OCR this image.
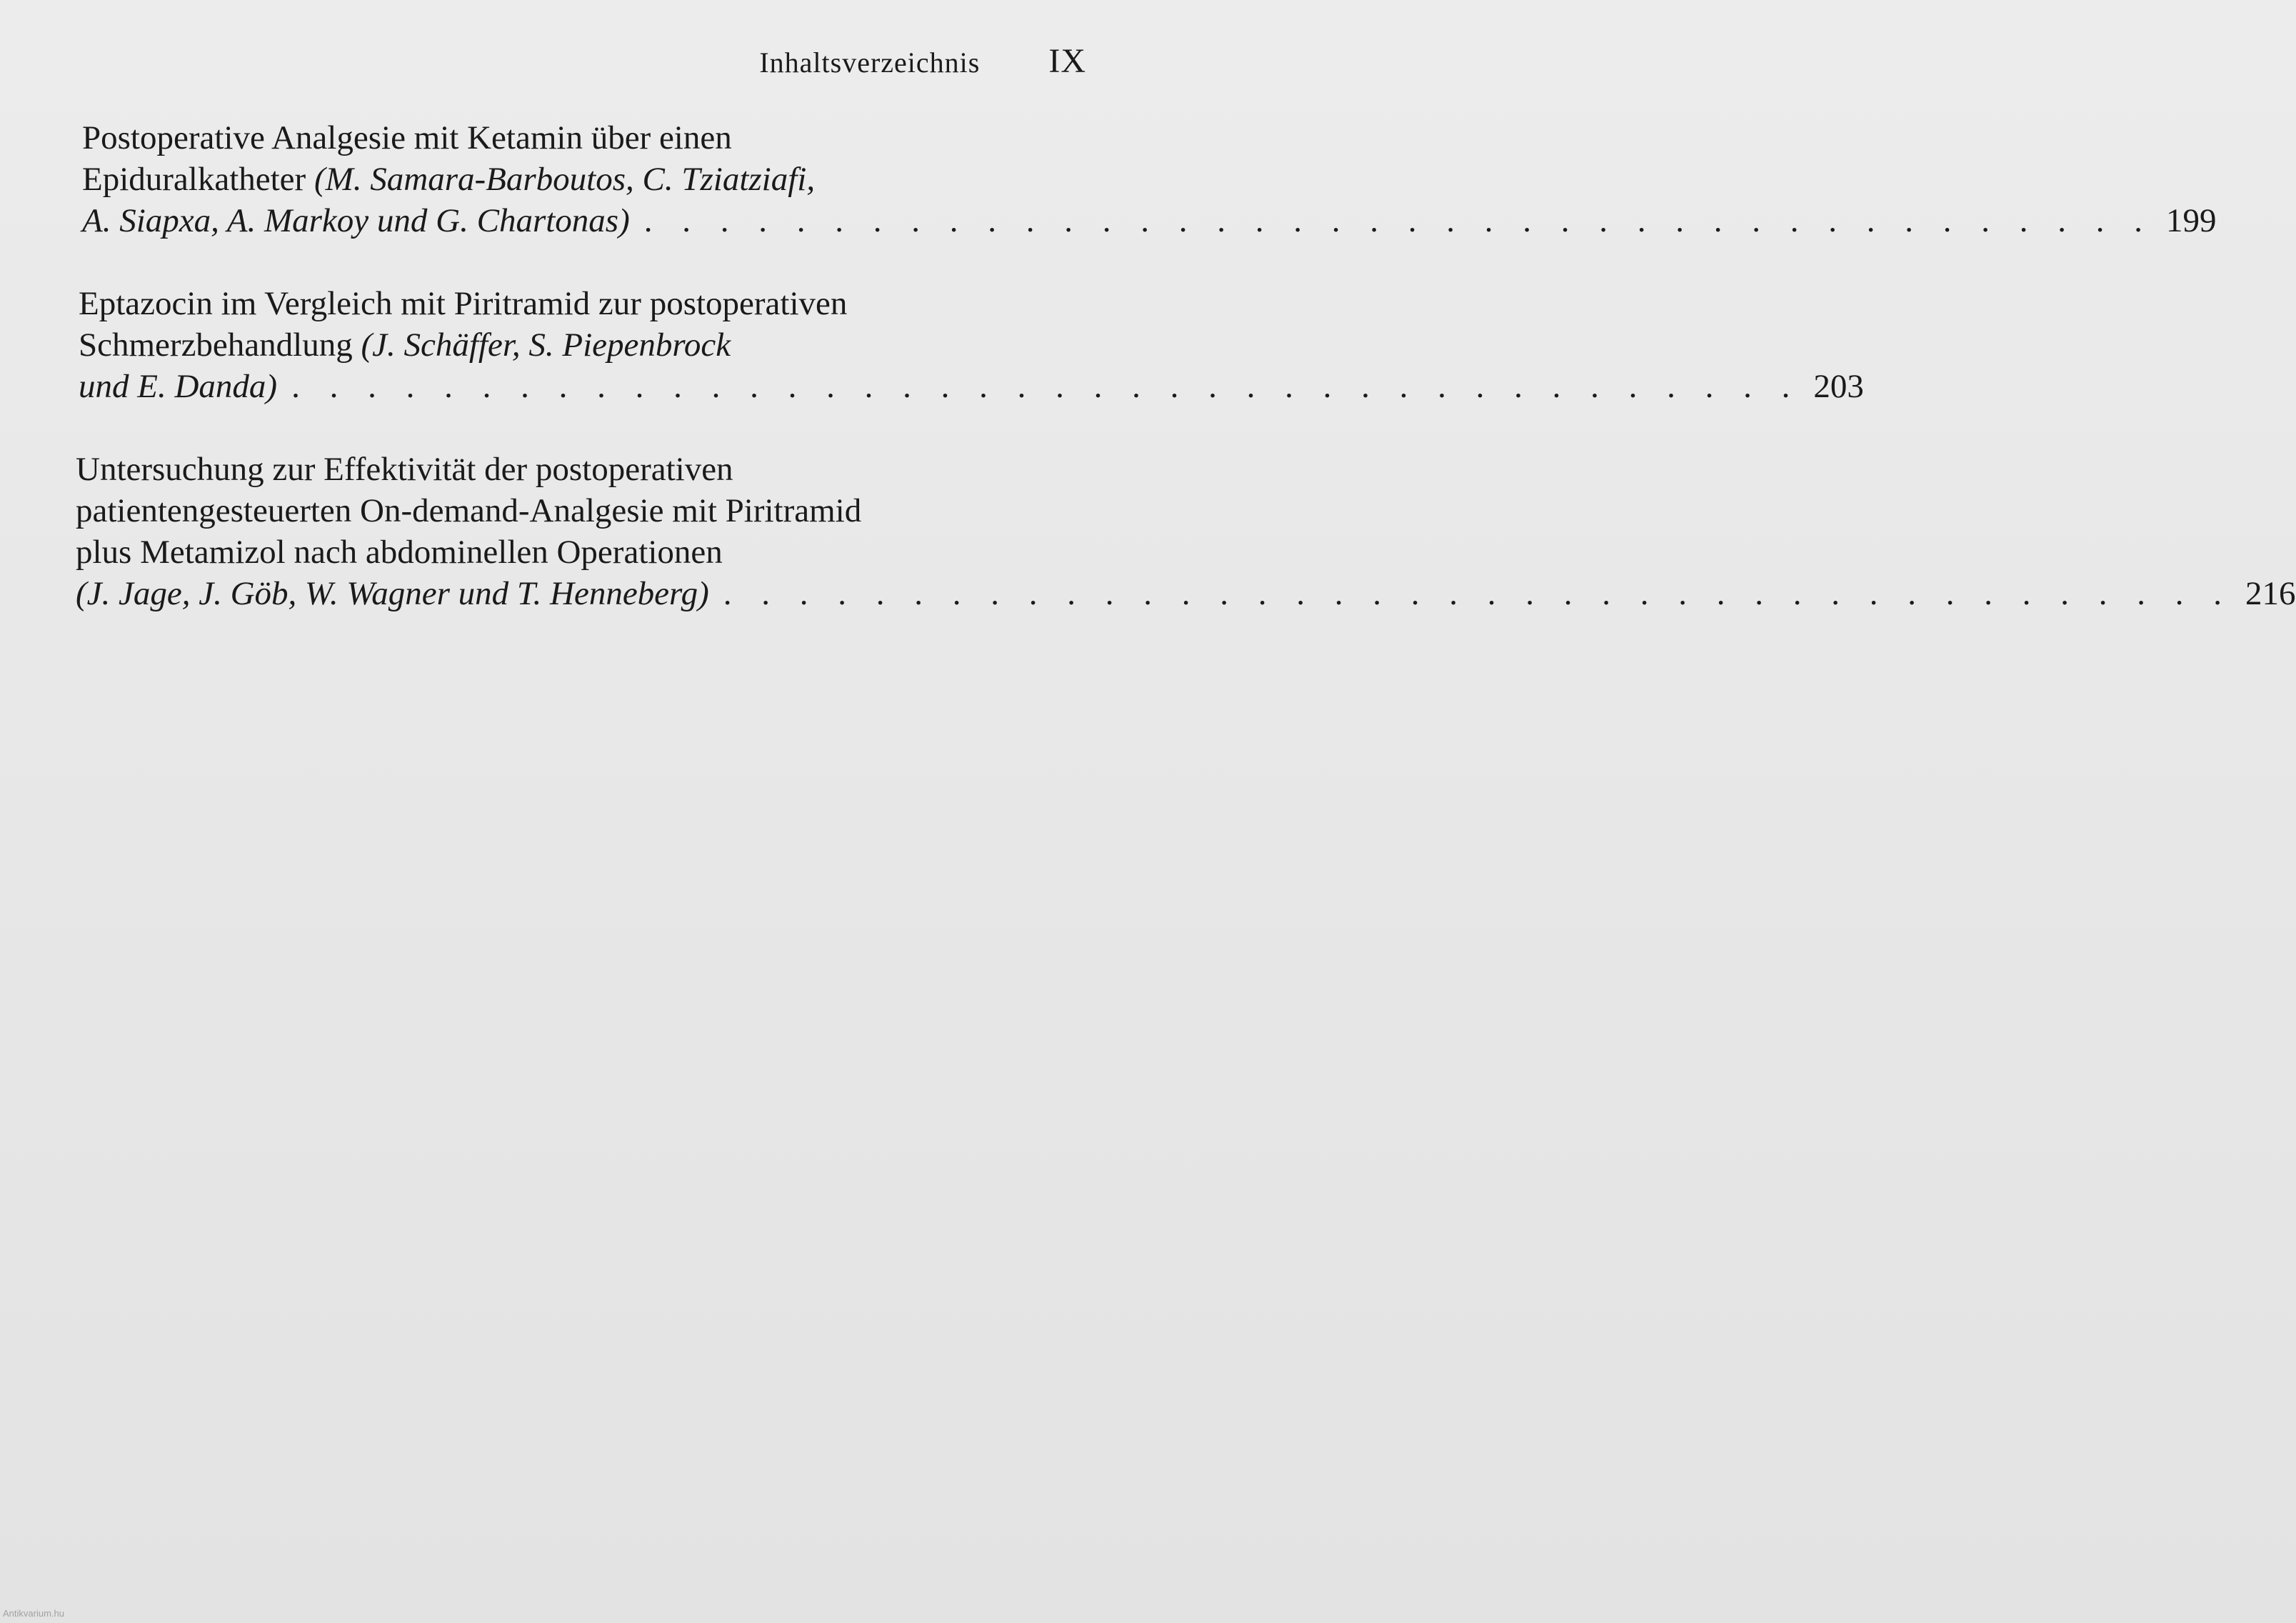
Inhaltsverzeichnis IX
Postoperative Analgesie mit Ketamin über einen
Epiduralkatheter (M. Samara-Barboutos, C. Tziatziafi,
A. Siapxa, A. Markoy und G. Chartonas) . . . . . . . . . . . . . . . . . . . . . . . . . . . . . . . . . . . . . . . . 199
Eptazocin im Vergleich mit Piritramid zur postoperativen
Schmerzbehandlung (J. Schäffer, S. Piepenbrock
und E. Danda) . . . . . . . . . . . . . . . . . . . . . . . . . . . . . . . . . . . . . . . . 203
Untersuchung zur Effektivität der postoperativen
patientengesteuerten On-demand-Analgesie mit Piritramid
plus Metamizol nach abdominellen Operationen
(J. Jage, J. Göb, W. Wagner und T. Henneberg) . . . . . . . . . . . . . . . . . . . . . . . . . . . . . . . . . . . . . . . . 216
Antikvarium.hu
